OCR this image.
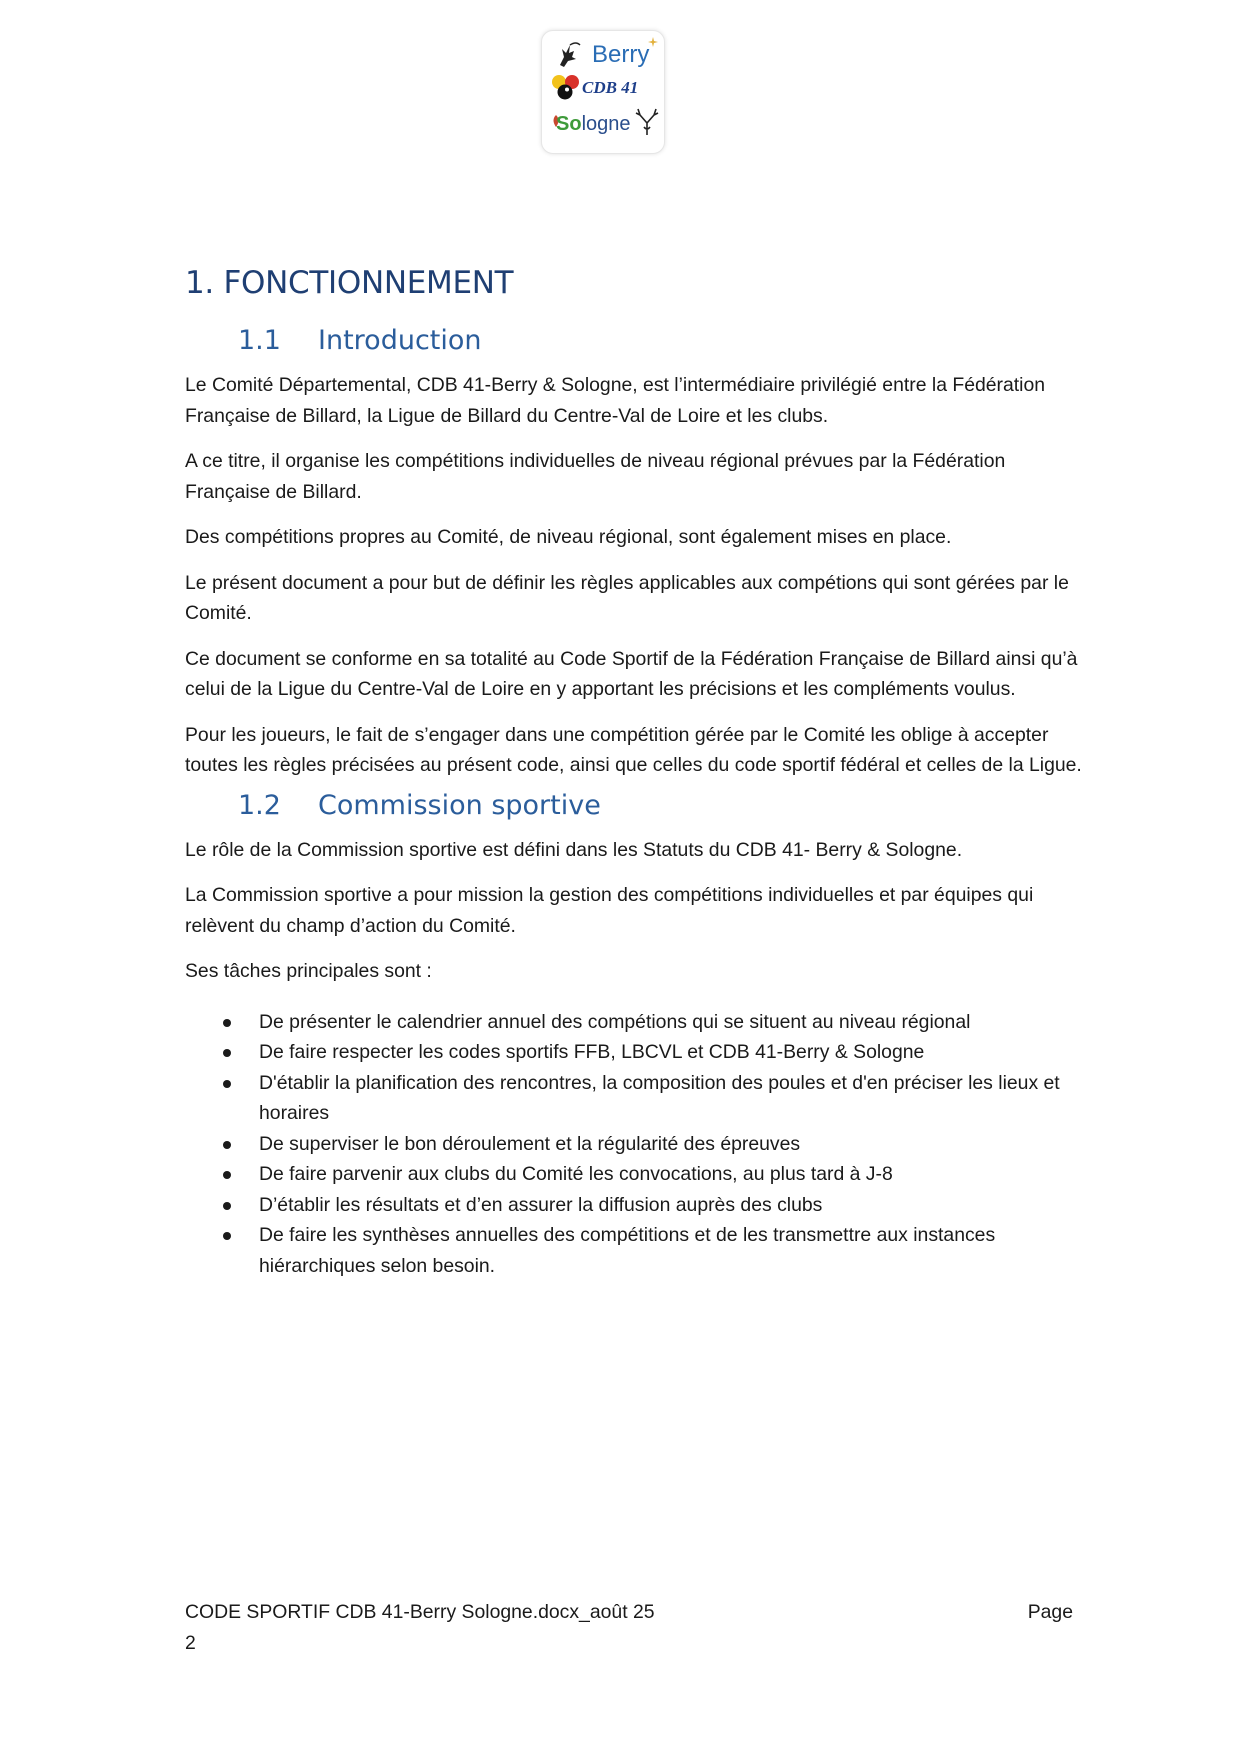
Berry
CDB 41
Sologne
1. FONCTIONNEMENT
1.1 Introduction

Le Comité Départemental, CDB 41-Berry & Sologne, est l’intermédiaire privilégié entre la Fédération Française de Billard, la Ligue de Billard du Centre-Val de Loire et les clubs.

A ce titre, il organise les compétitions individuelles de niveau régional prévues par la Fédération Française de Billard.

Des compétitions propres au Comité, de niveau régional, sont également mises en place.

Le présent document a pour but de définir les règles applicables aux compétions qui sont gérées par le Comité.

Ce document se conforme en sa totalité au Code Sportif de la Fédération Française de Billard ainsi qu’à celui de la Ligue du Centre-Val de Loire en y apportant les précisions et les compléments voulus.

Pour les joueurs, le fait de s’engager dans une compétition gérée par le Comité les oblige à accepter toutes les règles précisées au présent code, ainsi que celles du code sportif fédéral et celles de la Ligue.

1.2 Commission sportive

Le rôle de la Commission sportive est défini dans les Statuts du CDB 41- Berry & Sologne.

La Commission sportive a pour mission la gestion des compétitions individuelles et par équipes qui relèvent du champ d’action du Comité.

Ses tâches principales sont :

De présenter le calendrier annuel des compétions qui se situent au niveau régional
De faire respecter les codes sportifs FFB, LBCVL et CDB 41-Berry & Sologne
D'établir la planification des rencontres, la composition des poules et d'en préciser les lieux et horaires
De superviser le bon déroulement et la régularité des épreuves
De faire parvenir aux clubs du Comité les convocations, au plus tard à J-8
D’établir les résultats et d’en assurer la diffusion auprès des clubs
De faire les synthèses annuelles des compétitions et de les transmettre aux instances hiérarchiques selon besoin.
CODE SPORTIF CDB 41-Berry Sologne.docx_août 25
2
Page
